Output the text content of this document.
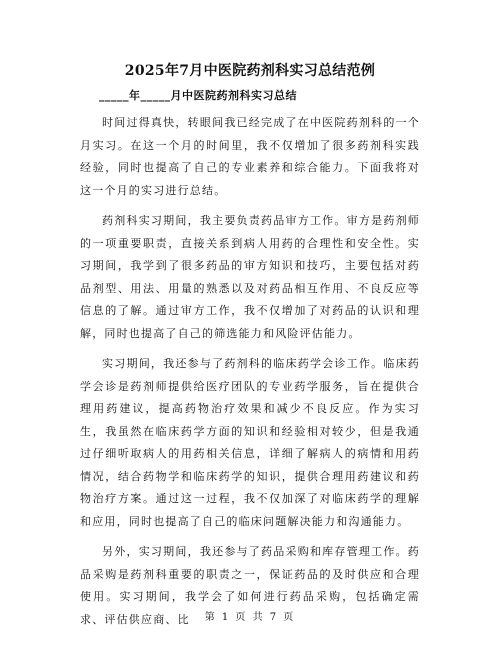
2025年7月中医院药剂科实习总结范例
_____年_____月中医院药剂科实习总结

时间过得真快，转眼间我已经完成了在中医院药剂科的一个月实习。在这一个月的时间里，我不仅增加了很多药剂科实践经验，同时也提高了自己的专业素养和综合能力。下面我将对这一个月的实习进行总结。

药剂科实习期间，我主要负责药品审方工作。审方是药剂师的一项重要职责，直接关系到病人用药的合理性和安全性。实习期间，我学到了很多药品的审方知识和技巧，主要包括对药品剂型、用法、用量的熟悉以及对药品相互作用、不良反应等信息的了解。通过审方工作，我不仅增加了对药品的认识和理解，同时也提高了自己的筛选能力和风险评估能力。

实习期间，我还参与了药剂科的临床药学会诊工作。临床药学会诊是药剂师提供给医疗团队的专业药学服务，旨在提供合理用药建议，提高药物治疗效果和减少不良反应。作为实习生，我虽然在临床药学方面的知识和经验相对较少，但是我通过仔细听取病人的用药相关信息，详细了解病人的病情和用药情况，结合药物学和临床药学的知识，提供合理用药建议和药物治疗方案。通过这一过程，我不仅加深了对临床药学的理解和应用，同时也提高了自己的临床问题解决能力和沟通能力。

另外，实习期间，我还参与了药品采购和库存管理工作。药品采购是药剂科重要的职责之一，保证药品的及时供应和合理使用。实习期间，我学会了如何进行药品采购，包括确定需求、评估供应商、比	第 1 页 共 7 页
